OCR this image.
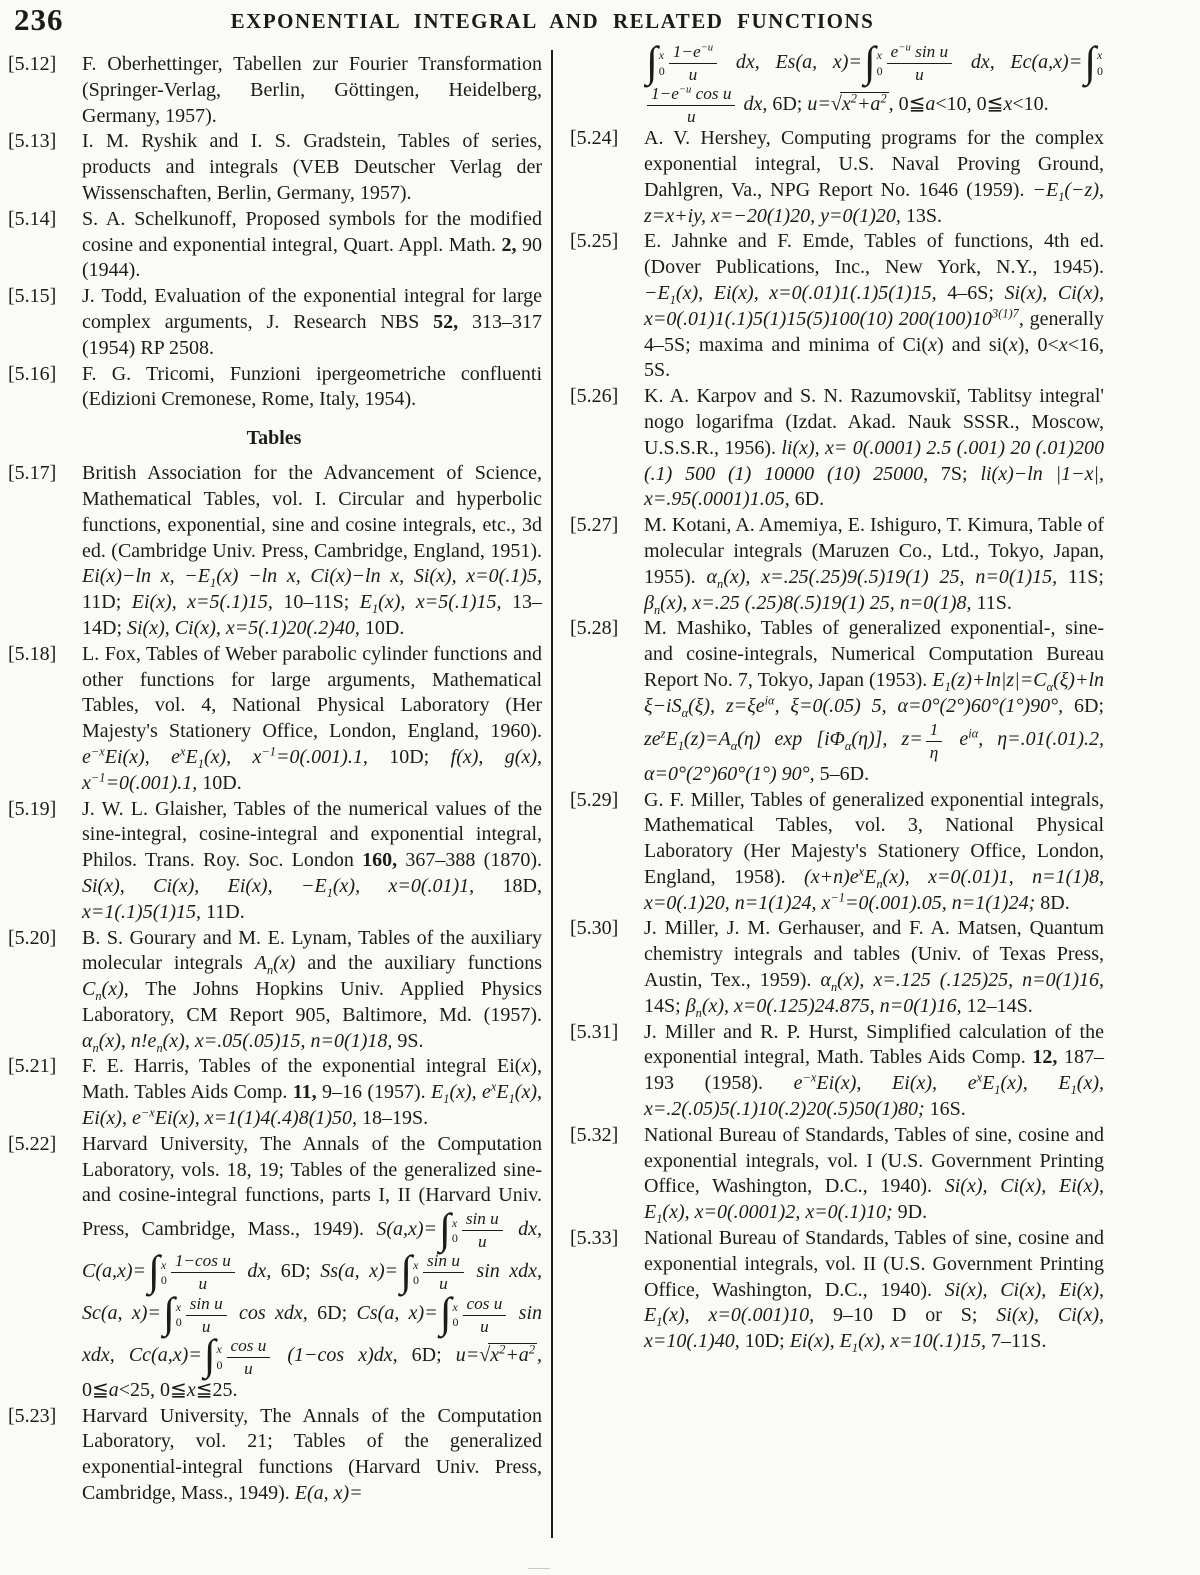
236	EXPONENTIAL INTEGRAL AND RELATED FUNCTIONS
[5.12] F. Oberhettinger, Tabellen zur Fourier Transformation (Springer-Verlag, Berlin, Göttingen, Heidelberg, Germany, 1957).
[5.13] I. M. Ryshik and I. S. Gradstein, Tables of series, products and integrals (VEB Deutscher Verlag der Wissenschaften, Berlin, Germany, 1957).
[5.14] S. A. Schelkunoff, Proposed symbols for the modified cosine and exponential integral, Quart. Appl. Math. 2, 90 (1944).
[5.15] J. Todd, Evaluation of the exponential integral for large complex arguments, J. Research NBS 52, 313–317 (1954) RP 2508.
[5.16] F. G. Tricomi, Funzioni ipergeometriche confluenti (Edizioni Cremonese, Rome, Italy, 1954).
Tables
[5.17] British Association for the Advancement of Science, Mathematical Tables, vol. I. Circular and hyperbolic functions, exponential, sine and cosine integrals, etc., 3d ed. (Cambridge Univ. Press, Cambridge, England, 1951). Ei(x)−ln x, $-E_1(x) -\ln$ x, Ci(x)−ln x, Si(x), x=0(.1)5, 11D; Ei(x), x=5(.1)15, 10–11S; $E_1(x)$, x=5(.1)15, 13–14D; Si(x), Ci(x), x=5(.1)20(.2)40, 10D.
[5.18] L. Fox, Tables of Weber parabolic cylinder functions and other functions for large arguments, Mathematical Tables, vol. 4, National Physical Laboratory (Her Majesty's Stationery Office, London, England, 1960). $e^{-x}Ei(x)$, $e^xE_1(x)$, $x^{-1}=0(.001).1$, 10D; f(x), g(x), $x^{-1}=0(.001).1$, 10D.
[5.19] J. W. L. Glaisher, Tables of the numerical values of the sine-integral, cosine-integral and exponential integral, Philos. Trans. Roy. Soc. London 160, 367–388 (1870). Si(x), Ci(x), Ei(x), $-E_1(x)$, x=0(.01)1, 18D, x=1(.1)5(1)15, 11D.
[5.20] B. S. Gourary and M. E. Lynam, Tables of the auxiliary molecular integrals $A_n(x)$ and the auxiliary functions $C_n(x)$, The Johns Hopkins Univ. Applied Physics Laboratory, CM Report 905, Baltimore, Md. (1957). $\alpha_n(x)$, $n!e_n(x)$, x=.05(.05)15, n=0(1)18, 9S.
[5.21] F. E. Harris, Tables of the exponential integral Ei(x), Math. Tables Aids Comp. 11, 9–16 (1957). $E_1(x)$, $e^xE_1(x)$, Ei(x), $e^{-x}Ei(x)$, x=1(1)4(.4)8(1)50, 18–19S.
[5.22] Harvard University, The Annals of the Computation Laboratory, vols. 18, 19; Tables of the generalized sine- and cosine-integral functions, parts I, II (Harvard Univ. Press, Cambridge, Mass., 1949). S(a,x)= ∫ x
$0 \frac{\text{sin u}}{u}$ dx, C(a,x)= ∫ x
$0 \frac{\text{1−cos u}}{u}$ dx, 6D; Ss(a, x)= ∫ x
$0 \frac{\text{sin u}}{u}$ sin xdx, Sc(a, x)= ∫ x
$0 \frac{\text{sin u}}{u}$ cos xdx, 6D; Cs(a, x)= ∫ x
$0 \frac{\text{cos u}}{u}$ sin xdx, Cc(a,x)= ∫ x
$0 \frac{\text{cos u}}{u} (1-\cos$ x)dx, 6D; $u=√x^2+a^2$ , 0≦a<25, 0≦x≦25.
[5.23] Harvard University, The Annals of the Computation Laboratory, vol. 21; Tables of the generalized exponential-integral functions (Harvard Univ. Press, Cambridge, Mass., 1949). E(a, x)=
∫ x
$0 \frac{1-e^{-u}}{u}$ dx, Es(a, x)= ∫ x
$0 \frac{e^{-u} \sin u}{u}$ dx, Ec(a,x)= ∫ x
0
$\frac{1-e^{-u} \cos u}{u}$ dx, 6D; $u=√x^2+a^2$ , 0≦a<10, 0≦x<10.
[5.24] A. V. Hershey, Computing programs for the complex exponential integral, U.S. Naval Proving Ground, Dahlgren, Va., NPG Report No. 1646 (1959). $-E_1(-z)$, z=x+iy, x=−20(1)20, y=0(1)20, 13S.
[5.25] E. Jahnke and F. Emde, Tables of functions, 4th ed. (Dover Publications, Inc., New York, N.Y., 1945). $-E_1(x)$, Ei(x), x=0(.01)1(.1)5(1)15, 4–6S; Si(x), Ci(x), x=0(.01)1(.1)5(1)15(5)100(10) $200(100)10^{3(1)7}$, generally 4–5S; maxima and minima of Ci(x) and si(x), 0<x<16, 5S.
[5.26] K. A. Karpov and S. N. Razumovskiĭ, Tablitsy integral' nogo logarifma (Izdat. Akad. Nauk SSSR., Moscow, U.S.S.R., 1956). li(x), x= 0(.0001) 2.5 (.001) 20 (.01)200 (.1) 500 (1) 10000 (10) 25000, 7S; li(x)−ln |1−x|, x=.95(.0001)1.05, 6D.
[5.27] M. Kotani, A. Amemiya, E. Ishiguro, T. Kimura, Table of molecular integrals (Maruzen Co., Ltd., Tokyo, Japan, 1955). $\alpha_n(x)$, x=.25(.25)9(.5)19(1) 25, n=0(1)15, 11S; $\beta_n(x)$, x=.25 (.25)8(.5)19(1) 25, n=0(1)8, 11S.
[5.28] M. Mashiko, Tables of generalized exponential-, sine- and cosine-integrals, Numerical Computation Bureau Report No. 7, Tokyo, Japan (1953). $E_1(z)+\ln|z|=C_\alpha(\xi)+\ln$ $\xi-iS_\alpha(\xi)$, $z=\xi e^{i\alpha}$, ξ=0(.05) 5, α=0°(2°)60°(1°)90°, 6D; $ze^zE_1(z)=A_\alpha(\eta)$ $\exp [i\Phi_\alpha(\eta)]$, $z= \frac{1}{\eta} e^{i\alpha}$, η=.01(.01).2, α=0°(2°)60°(1°) 90°, 5–6D.
[5.29] G. F. Miller, Tables of generalized exponential integrals, Mathematical Tables, vol. 3, National Physical Laboratory (Her Majesty's Stationery Office, London, England, 1958). $(x+n)e^xE_n(x)$, x=0(.01)1, n=1(1)8, x=0(.1)20, n=1(1)24, $x^{-1}=0(.001).05$, n=1(1)24; 8D.
[5.30] J. Miller, J. M. Gerhauser, and F. A. Matsen, Quantum chemistry integrals and tables (Univ. of Texas Press, Austin, Tex., 1959). $\alpha_n(x)$, x=.125 (.125)25, n=0(1)16, 14S; $\beta_n(x)$, x=0(.125)24.875, n=0(1)16, 12–14S.
[5.31] J. Miller and R. P. Hurst, Simplified calculation of the exponential integral, Math. Tables Aids Comp. 12, 187–193 (1958). $e^{-x}Ei(x)$, Ei(x), $e^xE_1(x)$, $E_1(x)$, x=.2(.05)5(.1)10(.2)20(.5)50(1)80; 16S.
[5.32] National Bureau of Standards, Tables of sine, cosine and exponential integrals, vol. I (U.S. Government Printing Office, Washington, D.C., 1940). Si(x), Ci(x), Ei(x), $E_1(x)$, x=0(.0001)2, x=0(.1)10; 9D.
[5.33] National Bureau of Standards, Tables of sine, cosine and exponential integrals, vol. II (U.S. Government Printing Office, Washington, D.C., 1940). Si(x), Ci(x), Ei(x), $E_1(x)$, x=0(.001)10, 9–10 D or S; Si(x), Ci(x), x=10(.1)40, 10D; Ei(x), $E_1(x)$, x=10(.1)15, 7–11S.
